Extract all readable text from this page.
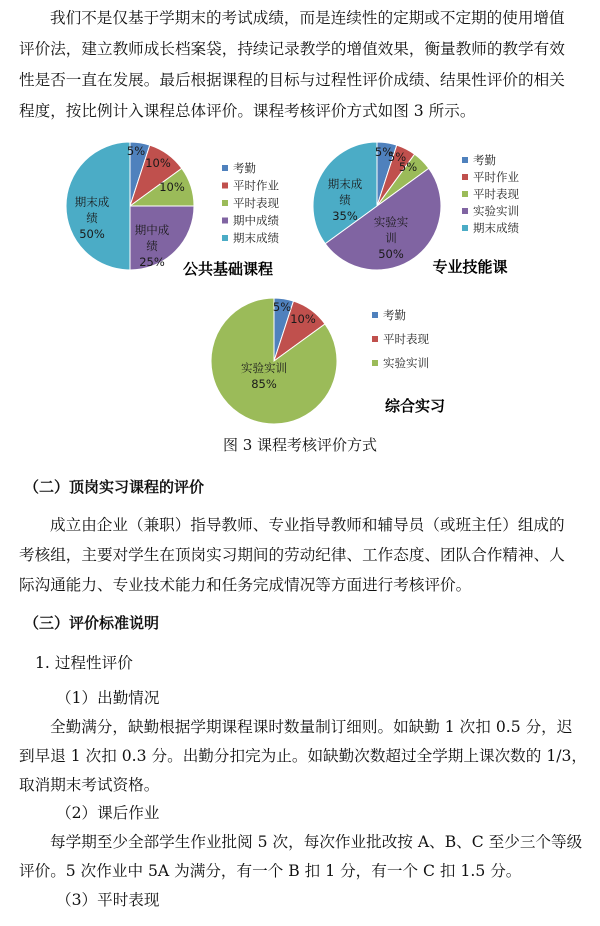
我们不是仅基于学期末的考试成绩，而是连续性的定期或不定期的使用增值

评价法，建立教师成长档案袋，持续记录教学的增值效果，衡量教师的教学有效

性是否一直在发展。最后根据课程的目标与过程性评价成绩、结果性评价的相关

程度，按比例计入课程总体评价。课程考核评价方式如图 3 所示。

5%
10%
10%
期中成绩 25%
期末成绩 50%
考勤
平时作业
平时表现
期中成绩
期末成绩
公共基础课程
5%
5%
5%
实验实训 50%
期末成绩 35%
考勤
平时作业
平时表现
实验实训
期末成绩
专业技能课
5%
10%
实验实训 85%
考勤
平时表现
实验实训
综合实习
图 3 课程考核评价方式

（二）顶岗实习课程的评价

成立由企业（兼职）指导教师、专业指导教师和辅导员（或班主任）组成的

考核组，主要对学生在顶岗实习期间的劳动纪律、工作态度、团队合作精神、人

际沟通能力、专业技术能力和任务完成情况等方面进行考核评价。

（三）评价标准说明

1. 过程性评价

（1）出勤情况

全勤满分，缺勤根据学期课程课时数量制订细则。如缺勤 1 次扣 0.5 分，迟

到早退 1 次扣 0.3 分。出勤分扣完为止。如缺勤次数超过全学期上课次数的 1/3，

取消期末考试资格。

（2）课后作业

每学期至少全部学生作业批阅 5 次，每次作业批改按 A、B、C 至少三个等级

评价。5 次作业中 5A 为满分，有一个 B 扣 1 分，有一个 C 扣 1.5 分。

（3）平时表现
